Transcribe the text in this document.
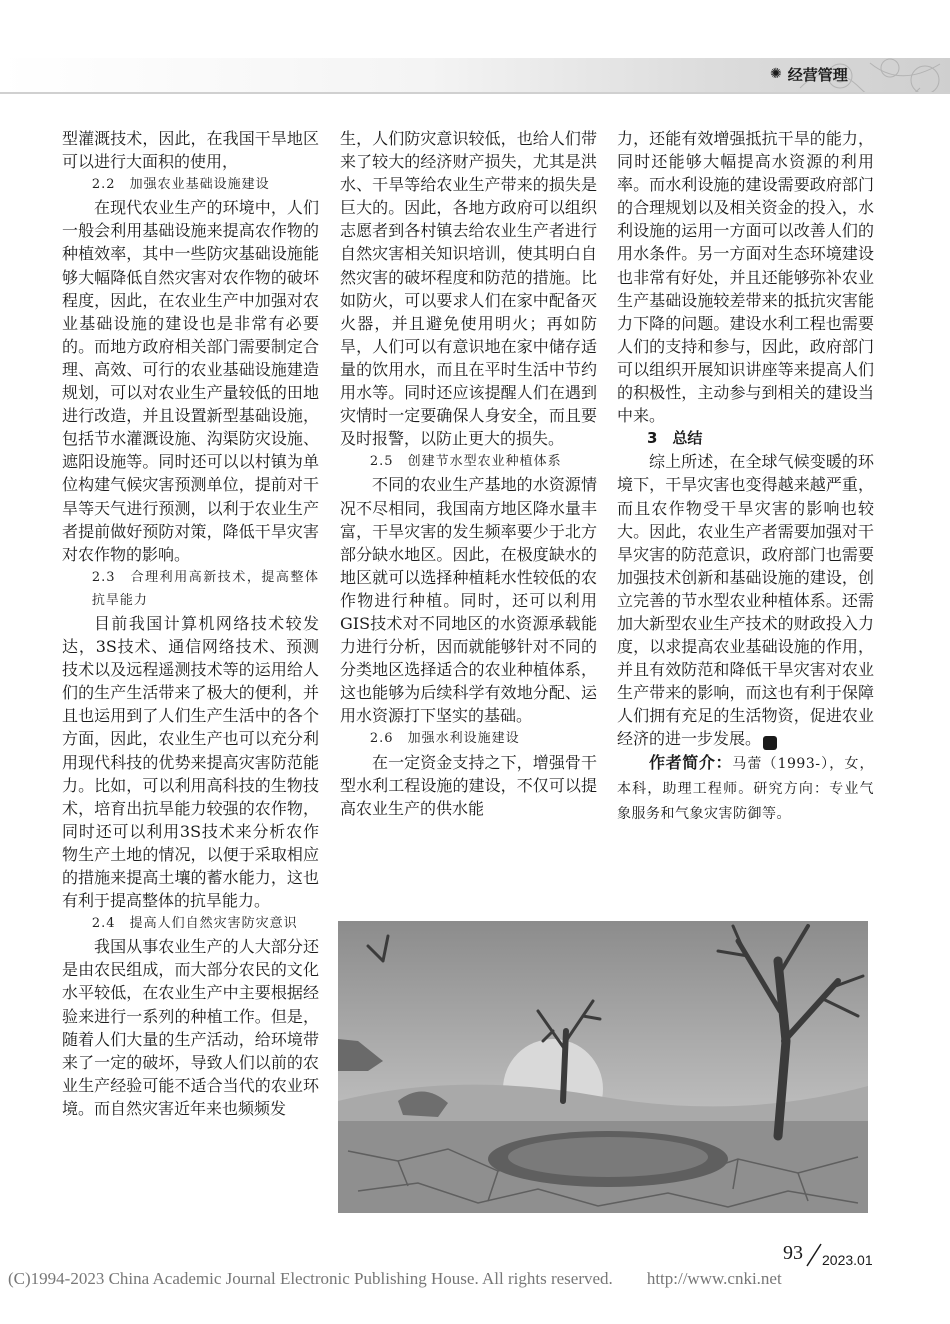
✺ 经营管理

型灌溉技术，因此，在我国干旱地区可以进行大面积的使用，

2.2　加强农业基础设施建设

在现代农业生产的环境中，人们一般会利用基础设施来提高农作物的种植效率，其中一些防灾基础设施能够大幅降低自然灾害对农作物的破坏程度，因此，在农业生产中加强对农业基础设施的建设也是非常有必要的。而地方政府相关部门需要制定合理、高效、可行的农业基础设施建造规划，可以对农业生产量较低的田地进行改造，并且设置新型基础设施，包括节水灌溉设施、沟渠防灾设施、遮阳设施等。同时还可以以村镇为单位构建气候灾害预测单位，提前对干旱等天气进行预测，以利于农业生产者提前做好预防对策，降低干旱灾害对农作物的影响。

2.3　合理利用高新技术，提高整体抗旱能力

目前我国计算机网络技术较发达，3S技术、通信网络技术、预测技术以及远程遥测技术等的运用给人们的生产生活带来了极大的便利，并且也运用到了人们生产生活中的各个方面，因此，农业生产也可以充分利用现代科技的优势来提高灾害防范能力。比如，可以利用高科技的生物技术，培育出抗旱能力较强的农作物，同时还可以利用3S技术来分析农作物生产土地的情况，以便于采取相应的措施来提高土壤的蓄水能力，这也有利于提高整体的抗旱能力。

2.4　提高人们自然灾害防灾意识

我国从事农业生产的人大部分还是由农民组成，而大部分农民的文化水平较低，在农业生产中主要根据经验来进行一系列的种植工作。但是，随着人们大量的生产活动，给环境带来了一定的破坏，导致人们以前的农业生产经验可能不适合当代的农业环境。而自然灾害近年来也频频发

生，人们防灾意识较低，也给人们带来了较大的经济财产损失，尤其是洪水、干旱等给农业生产带来的损失是巨大的。因此，各地方政府可以组织志愿者到各村镇去给农业生产者进行自然灾害相关知识培训，使其明白自然灾害的破坏程度和防范的措施。比如防火，可以要求人们在家中配备灭火器，并且避免使用明火；再如防旱，人们可以有意识地在家中储存适量的饮用水，而且在平时生活中节约用水等。同时还应该提醒人们在遇到灾情时一定要确保人身安全，而且要及时报警，以防止更大的损失。

2.5　创建节水型农业种植体系

不同的农业生产基地的水资源情况不尽相同，我国南方地区降水量丰富，干旱灾害的发生频率要少于北方部分缺水地区。因此，在极度缺水的地区就可以选择种植耗水性较低的农作物进行种植。同时，还可以利用GIS技术对不同地区的水资源承载能力进行分析，因而就能够针对不同的分类地区选择适合的农业种植体系，这也能够为后续科学有效地分配、运用水资源打下坚实的基础。

2.6　加强水利设施建设

在一定资金支持之下，增强骨干型水利工程设施的建设，不仅可以提高农业生产的供水能

力，还能有效增强抵抗干旱的能力，同时还能够大幅提高水资源的利用率。而水利设施的建设需要政府部门的合理规划以及相关资金的投入，水利设施的运用一方面可以改善人们的用水条件。另一方面对生态环境建设也非常有好处，并且还能够弥补农业生产基础设施较差带来的抵抗灾害能力下降的问题。建设水利工程也需要人们的支持和参与，因此，政府部门可以组织开展知识讲座等来提高人们的积极性，主动参与到相关的建设当中来。

3　总结

综上所述，在全球气候变暖的环境下，干旱灾害也变得越来越严重，而且农作物受干旱灾害的影响也较大。因此，农业生产者需要加强对干旱灾害的防范意识，政府部门也需要加强技术创新和基础设施的建设，创立完善的节水型农业种植体系。还需加大新型农业生产技术的财政投入力度，以求提高农业基础设施的作用，并且有效防范和降低干旱灾害对农业生产带来的影响，而这也有利于保障人们拥有充足的生活物资，促进农业经济的进一步发展。	N

作者简介：马蕾（1993-），女，本科，助理工程师。研究方向：专业气象服务和气象灾害防御等。

93 2023.01
(C)1994-2023 China Academic Journal Electronic Publishing House. All rights reserved. http://www.cnki.net
